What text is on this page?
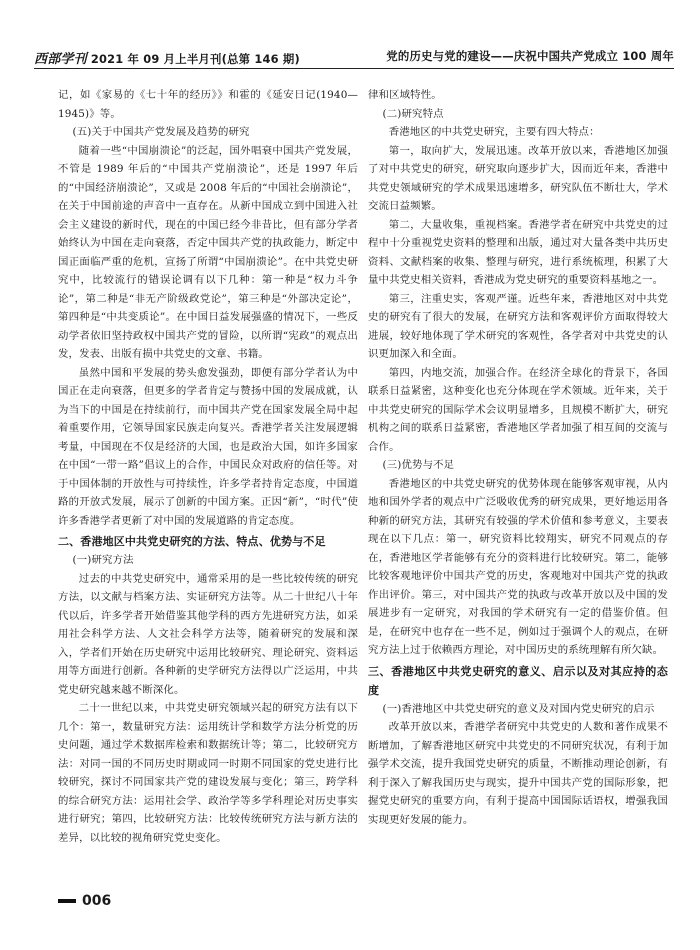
西部学刊 2021 年 09 月上半月刊(总第 146 期)	党的历史与党的建设——庆祝中国共产党成立 100 周年

记，如《家易的《七十年的经历》》和霍的《延安日记(1940—1945)》等。

(五)关于中国共产党发展及趋势的研究

随着一些“中国崩溃论”的泛起，国外唱衰中国共产党发展，不管是 1989 年后的“中国共产党崩溃论”，还是 1997 年后的“中国经济崩溃论”，又或是 2008 年后的“中国社会崩溃论”，在关于中国前途的声音中一直存在。从新中国成立到中国进入社会主义建设的新时代，现在的中国已经今非昔比，但有部分学者始终认为中国在走向衰落，否定中国共产党的执政能力，断定中国正面临严重的危机，宣扬了所谓“中国崩溃论”。在中共党史研究中，比较流行的错误论调有以下几种：第一种是“权力斗争论”，第二种是“非无产阶级政党论”，第三种是“外部决定论”，第四种是“中共变质论”。在中国日益发展强盛的情况下，一些反动学者依旧坚持政权中国共产党的冒险，以所谓“宪政”的观点出发，发表、出版有损中共党史的文章、书籍。

虽然中国和平发展的势头愈发强劲，即便有部分学者认为中国正在走向衰落，但更多的学者肯定与赞扬中国的发展成就，认为当下的中国是在持续前行，而中国共产党在国家发展全局中起着重要作用，它领导国家民族走向复兴。香港学者关注发展逻辑考量，中国现在不仅是经济的大国，也是政治大国，如许多国家在中国“一带一路”倡议上的合作，中国民众对政府的信任等。对于中国体制的开放性与可持续性，许多学者持肯定态度，中国道路的开放式发展，展示了创新的中国方案。正因“新”，“时代”使许多香港学者更新了对中国的发展道路的肯定态度。

二、香港地区中共党史研究的方法、特点、优势与不足

(一)研究方法

过去的中共党史研究中，通常采用的是一些比较传统的研究方法，以文献与档案方法、实证研究方法等。从二十世纪八十年代以后，许多学者开始借鉴其他学科的西方先进研究方法，如采用社会科学方法、人文社会科学方法等，随着研究的发展和深入，学者们开始在历史研究中运用比较研究、理论研究、资料运用等方面进行创新。各种新的史学研究方法得以广泛运用，中共党史研究越来越不断深化。

二十一世纪以来，中共党史研究领域兴起的研究方法有以下几个：第一，数量研究方法：运用统计学和数学方法分析党的历史问题，通过学术数据库检索和数据统计等；第二，比较研究方法：对同一国的不同历史时期或同一时期不同国家的党史进行比较研究，探讨不同国家共产党的建设发展与变化；第三，跨学科的综合研究方法：运用社会学、政治学等多学科理论对历史事实进行研究；第四，比较研究方法：比较传统研究方法与新方法的差异，以比较的视角研究党史变化。

律和区域特性。

(二)研究特点

香港地区的中共党史研究，主要有四大特点：

第一，取向扩大，发展迅速。改革开放以来，香港地区加强了对中共党史的研究，研究取向逐步扩大，因而近年来，香港中共党史领域研究的学术成果迅速增多，研究队伍不断壮大，学术交流日益频繁。

第二，大量收集，重视档案。香港学者在研究中共党史的过程中十分重视党史资料的整理和出版，通过对大量各类中共历史资料、文献档案的收集、整理与研究，进行系统梳理，积累了大量中共党史相关资料，香港成为党史研究的重要资料基地之一。

第三，注重史实，客观严谨。近些年来，香港地区对中共党史的研究有了很大的发展，在研究方法和客观评价方面取得较大进展，较好地体现了学术研究的客观性，各学者对中共党史的认识更加深入和全面。

第四，内地交流，加强合作。在经济全球化的背景下，各国联系日益紧密，这种变化也充分体现在学术领域。近年来，关于中共党史研究的国际学术会议明显增多，且规模不断扩大，研究机构之间的联系日益紧密，香港地区学者加强了相互间的交流与合作。

(三)优势与不足

香港地区的中共党史研究的优势体现在能够客观审视，从内地和国外学者的观点中广泛吸收优秀的研究成果，更好地运用各种新的研究方法，其研究有较强的学术价值和参考意义，主要表现在以下几点：第一，研究资料比较翔实，研究不同观点的存在，香港地区学者能够有充分的资料进行比较研究。第二，能够比较客观地评价中国共产党的历史，客观地对中国共产党的执政作出评价。第三，对中国共产党的执政与改革开放以及中国的发展进步有一定研究，对我国的学术研究有一定的借鉴价值。但是，在研究中也存在一些不足，例如过于强调个人的观点，在研究方法上过于依赖西方理论，对中国历史的系统理解有所欠缺。

三、香港地区中共党史研究的意义、启示以及对其应持的态度

(一)香港地区中共党史研究的意义及对国内党史研究的启示

改革开放以来，香港学者研究中共党史的人数和著作成果不断增加，了解香港地区研究中共党史的不同研究状况，有利于加强学术交流，提升我国党史研究的质量，不断推动理论创新，有利于深入了解我国历史与现实，提升中国共产党的国际形象，把握党史研究的重要方向，有利于提高中国国际话语权，增强我国实现更好发展的能力。

006
